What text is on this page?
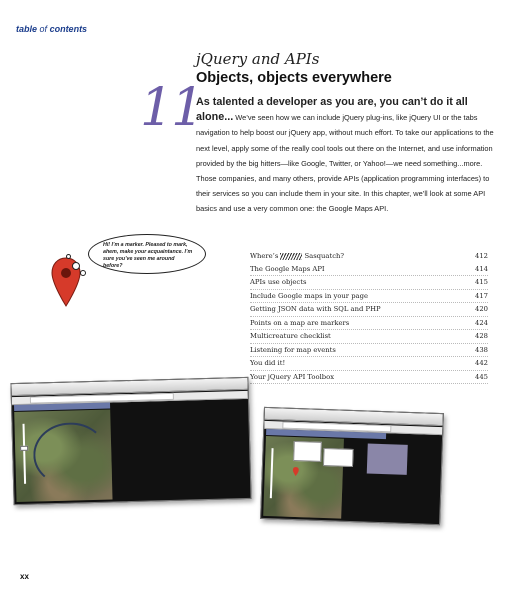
table of contents
11
jQuery and APIs
Objects, objects everywhere
As talented a developer as you are, you can’t do it all alone... We’ve seen how we can include jQuery plug-ins, like jQuery UI or the tabs navigation to help boost our jQuery app, without much effort. To take our applications to the next level, apply some of the really cool tools out there on the Internet, and use information provided by the big hitters—like Google, Twitter, or Yahoo!—we need something...more. Those companies, and many others, provide APIs (application programming interfaces) to their services so you can include them in your site. In this chapter, we’ll look at some API basics and use a very common one: the Google Maps API.
Hi! I’m a marker. Pleased to mark, ahem, make your acquaintance. I’m sure you’ve seen me around before?
Where’s	Sasquatch?	412
The Google Maps API	414
APIs use objects	415
Include Google maps in your page	417
Getting JSON data with SQL and PHP	420
Points on a map are markers	424
Multicreature checklist	428
Listening for map events	438
You did it!	442
Your jQuery API Toolbox	445
xx
